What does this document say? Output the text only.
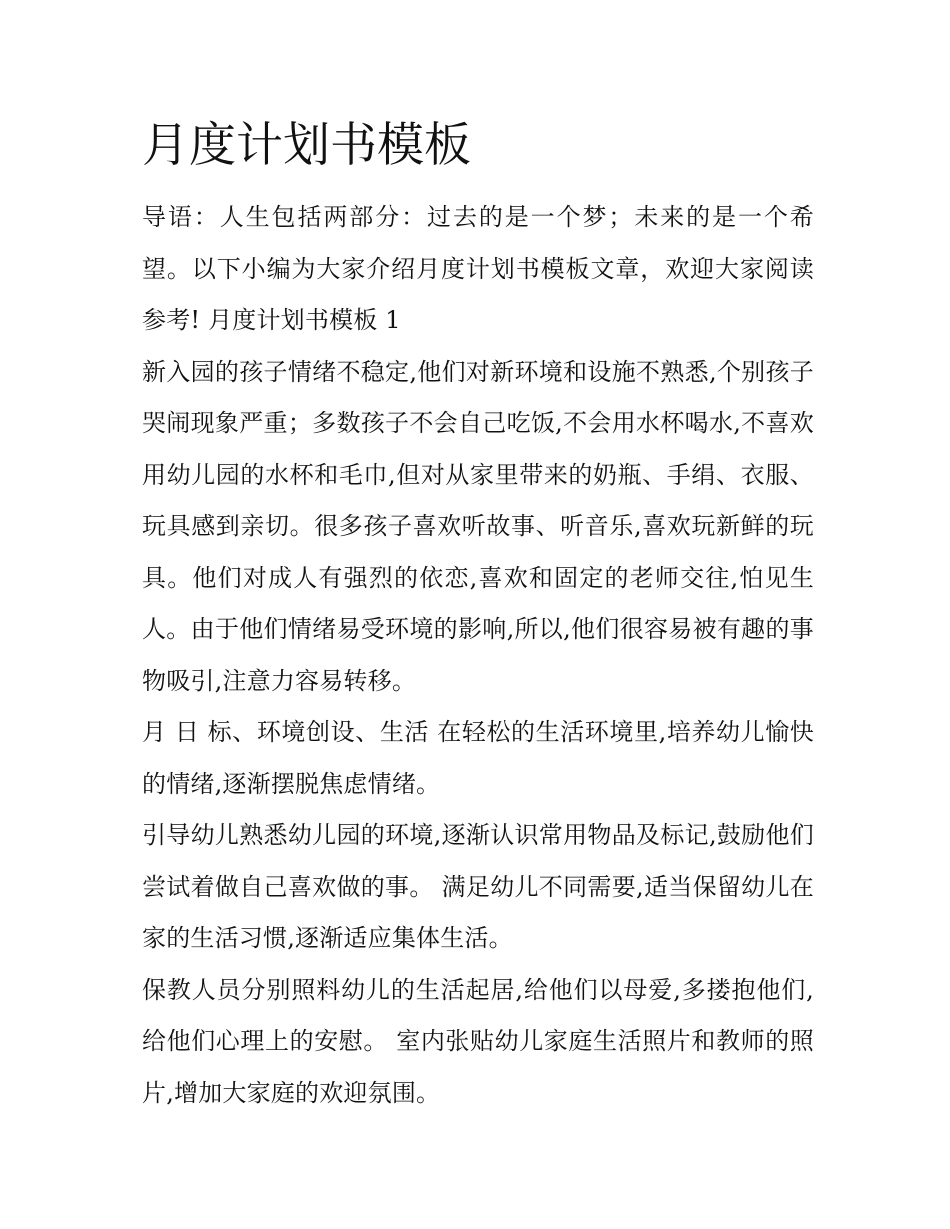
月度计划书模板

导语：人生包括两部分：过去的是一个梦；未来的是一个希望。以下小编为大家介绍月度计划书模板文章，欢迎大家阅读参考! 月度计划书模板 1

新入园的孩子情绪不稳定,他们对新环境和设施不熟悉,个别孩子哭闹现象严重；多数孩子不会自己吃饭,不会用水杯喝水,不喜欢用幼儿园的水杯和毛巾,但对从家里带来的奶瓶、手绢、衣服、玩具感到亲切。很多孩子喜欢听故事、听音乐,喜欢玩新鲜的玩具。他们对成人有强烈的依恋,喜欢和固定的老师交往,怕见生人。由于他们情绪易受环境的影响,所以,他们很容易被有趣的事物吸引,注意力容易转移。

月 日 标、环境创设、生活 在轻松的生活环境里,培养幼儿愉快的情绪,逐渐摆脱焦虑情绪。

引导幼儿熟悉幼儿园的环境,逐渐认识常用物品及标记,鼓励他们尝试着做自己喜欢做的事。 满足幼儿不同需要,适当保留幼儿在家的生活习惯,逐渐适应集体生活。

保教人员分别照料幼儿的生活起居,给他们以母爱,多搂抱他们,给他们心理上的安慰。 室内张贴幼儿家庭生活照片和教师的照片,增加大家庭的欢迎氛围。
